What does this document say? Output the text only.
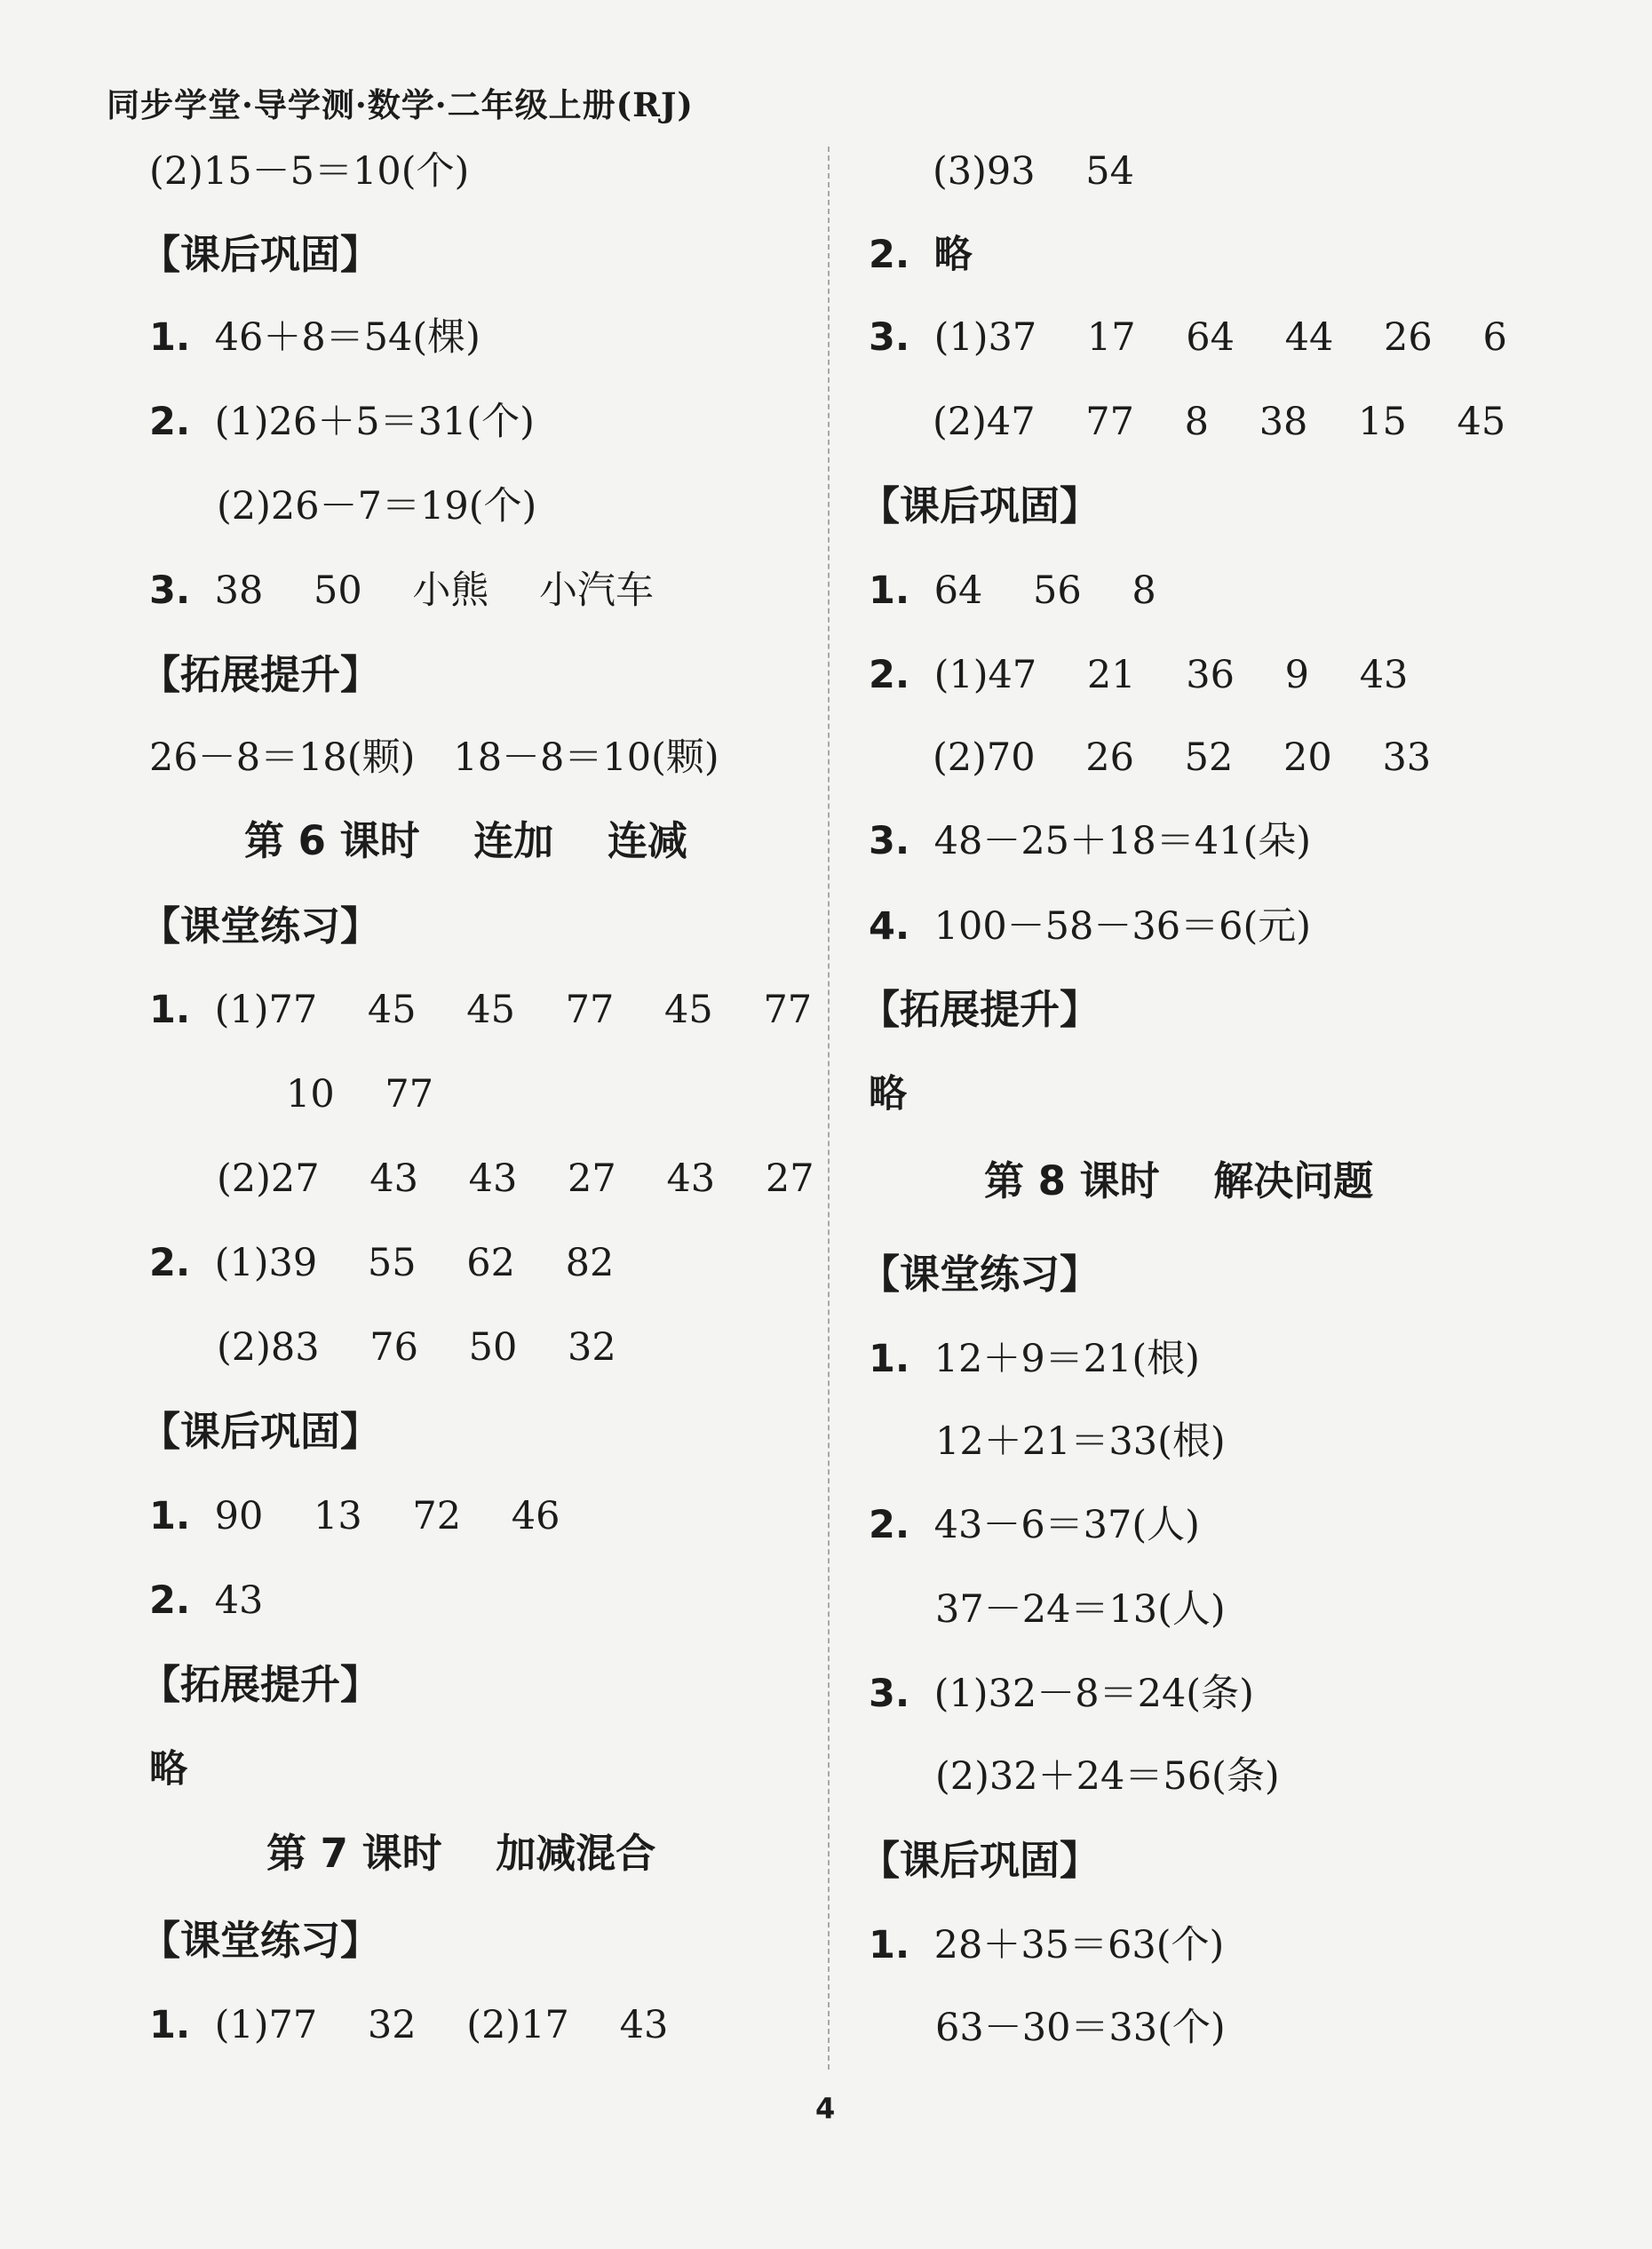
同步学堂·导学测·数学·二年级上册(RJ)
(2)15－5＝10(个)
【课后巩固】
1. 46＋8＝54(棵)
2. (1)26＋5＝31(个)
(2)26－7＝19(个)
3. 38　 50　 小熊　 小汽车
【拓展提升】
26－8＝18(颗)　18－8＝10(颗)
第 6 课时　 连加　 连减
【课堂练习】
1. (1)77　 45　 45　 77　 45　 77
10　 77
(2)27　 43　 43　 27　 43　 27
2. (1)39　 55　 62　 82
(2)83　 76　 50　 32
【课后巩固】
1. 90　 13　 72　 46
2. 43
【拓展提升】
略
第 7 课时　 加减混合
【课堂练习】
1. (1)77　 32　 (2)17　 43
(3)93　 54
2. 略
3. (1)37　 17　 64　 44　 26　 6
(2)47　 77　 8　 38　 15　 45
【课后巩固】
1. 64　 56　 8
2. (1)47　 21　 36　 9　 43
(2)70　 26　 52　 20　 33
3. 48－25＋18＝41(朵)
4. 100－58－36＝6(元)
【拓展提升】
略
第 8 课时　 解决问题
【课堂练习】
1. 12＋9＝21(根)
12＋21＝33(根)
2. 43－6＝37(人)
37－24＝13(人)
3. (1)32－8＝24(条)
(2)32＋24＝56(条)
【课后巩固】
1. 28＋35＝63(个)
63－30＝33(个)
4
